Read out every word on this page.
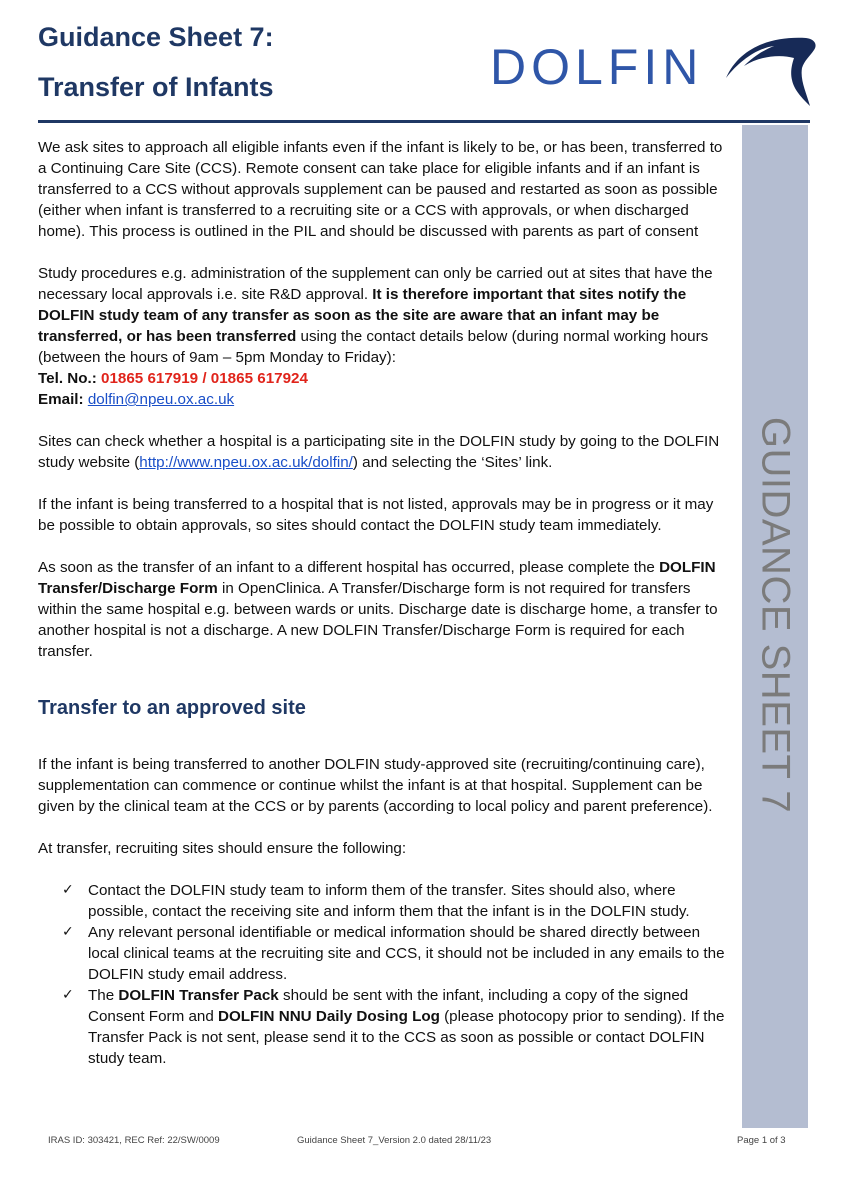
Guidance Sheet 7:
Transfer of Infants	DOLFIN
GUIDANCE SHEET 7

We ask sites to approach all eligible infants even if the infant is likely to be, or has been, transferred to a Continuing Care Site (CCS). Remote consent can take place for eligible infants and if an infant is transferred to a CCS without approvals supplement can be paused and restarted as soon as possible (either when infant is transferred to a recruiting site or a CCS with approvals, or when discharged home). This process is outlined in the PIL and should be discussed with parents as part of consent

Study procedures e.g. administration of the supplement can only be carried out at sites that have the necessary local approvals i.e. site R&D approval. It is therefore important that sites notify the DOLFIN study team of any transfer as soon as the site are aware that an infant may be transferred, or has been transferred using the contact details below (during normal working hours (between the hours of 9am – 5pm Monday to Friday):

Tel. No.: 01865 617919 / 01865 617924

Email: dolfin@npeu.ox.ac.uk

Sites can check whether a hospital is a participating site in the DOLFIN study by going to the DOLFIN study website (http://www.npeu.ox.ac.uk/dolfin/) and selecting the ‘Sites’ link.

If the infant is being transferred to a hospital that is not listed, approvals may be in progress or it may be possible to obtain approvals, so sites should contact the DOLFIN study team immediately.

As soon as the transfer of an infant to a different hospital has occurred, please complete the DOLFIN Transfer/Discharge Form in OpenClinica. A Transfer/Discharge form is not required for transfers within the same hospital e.g. between wards or units. Discharge date is discharge home, a transfer to another hospital is not a discharge. A new DOLFIN Transfer/Discharge Form is required for each transfer.

Transfer to an approved site

If the infant is being transferred to another DOLFIN study-approved site (recruiting/continuing care), supplementation can commence or continue whilst the infant is at that hospital. Supplement can be given by the clinical team at the CCS or by parents (according to local policy and parent preference).

At transfer, recruiting sites should ensure the following:

✓ Contact the DOLFIN study team to inform them of the transfer. Sites should also, where possible, contact the receiving site and inform them that the infant is in the DOLFIN study.
✓ Any relevant personal identifiable or medical information should be shared directly between local clinical teams at the recruiting site and CCS, it should not be included in any emails to the DOLFIN study email address.
✓ The DOLFIN Transfer Pack should be sent with the infant, including a copy of the signed Consent Form and DOLFIN NNU Daily Dosing Log (please photocopy prior to sending). If the Transfer Pack is not sent, please send it to the CCS as soon as possible or contact DOLFIN study team.
IRAS ID: 303421, REC Ref: 22/SW/0009	Guidance Sheet 7_Version 2.0 dated 28/11/23	Page 1 of 3
